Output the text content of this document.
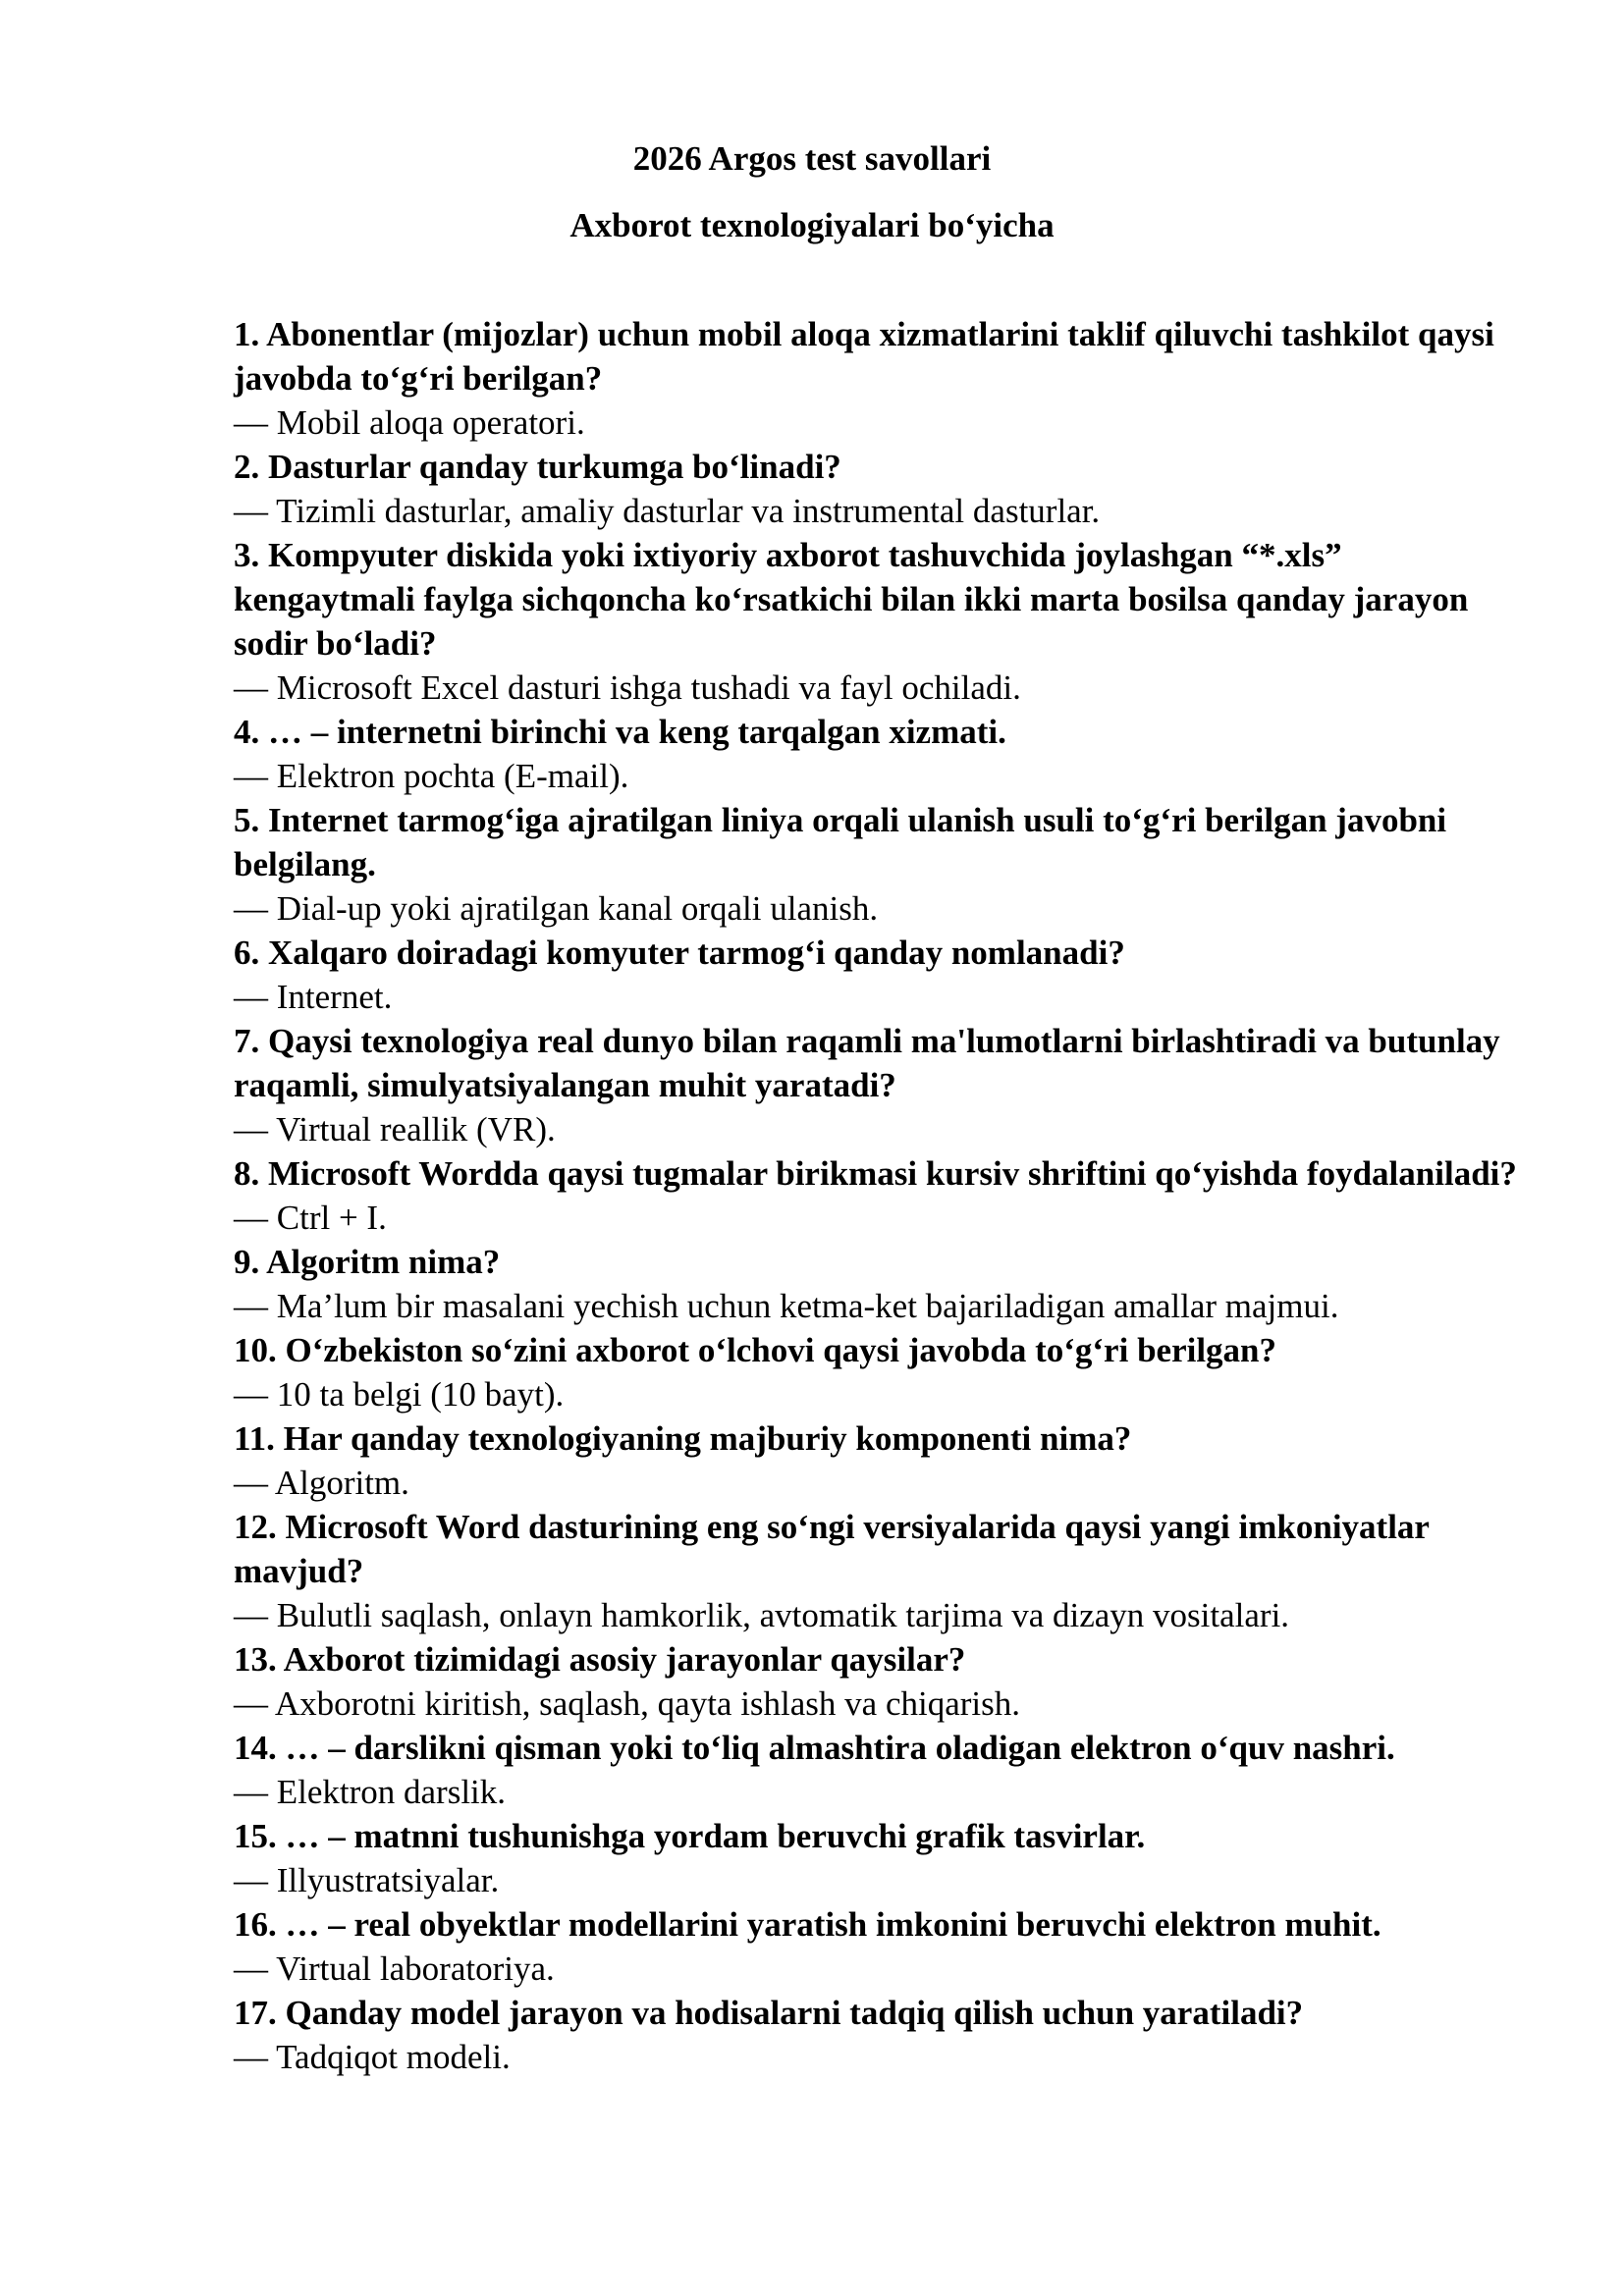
2026 Argos test savollari
Axborot texnologiyalari bo‘yicha

1. Abonentlar (mijozlar) uchun mobil aloqa xizmatlarini taklif qiluvchi tashkilot qaysi javobda to‘g‘ri berilgan?

— Mobil aloqa operatori.

2. Dasturlar qanday turkumga bo‘linadi?

— Tizimli dasturlar, amaliy dasturlar va instrumental dasturlar.

3. Kompyuter diskida yoki ixtiyoriy axborot tashuvchida joylashgan “*.xls” kengaytmali faylga sichqoncha ko‘rsatkichi bilan ikki marta bosilsa qanday jarayon sodir bo‘ladi?

— Microsoft Excel dasturi ishga tushadi va fayl ochiladi.

4. … – internetni birinchi va keng tarqalgan xizmati.

— Elektron pochta (E-mail).

5. Internet tarmog‘iga ajratilgan liniya orqali ulanish usuli to‘g‘ri berilgan javobni belgilang.

— Dial-up yoki ajratilgan kanal orqali ulanish.

6. Xalqaro doiradagi komyuter tarmog‘i qanday nomlanadi?

— Internet.

7. Qaysi texnologiya real dunyo bilan raqamli ma'lumotlarni birlashtiradi va butunlay raqamli, simulyatsiyalangan muhit yaratadi?

— Virtual reallik (VR).

8. Microsoft Wordda qaysi tugmalar birikmasi kursiv shriftini qo‘yishda foydalaniladi?

— Ctrl + I.

9. Algoritm nima?

— Ma’lum bir masalani yechish uchun ketma-ket bajariladigan amallar majmui.

10. O‘zbekiston so‘zini axborot o‘lchovi qaysi javobda to‘g‘ri berilgan?

— 10 ta belgi (10 bayt).

11. Har qanday texnologiyaning majburiy komponenti nima?

— Algoritm.

12. Microsoft Word dasturining eng so‘ngi versiyalarida qaysi yangi imkoniyatlar mavjud?

— Bulutli saqlash, onlayn hamkorlik, avtomatik tarjima va dizayn vositalari.

13. Axborot tizimidagi asosiy jarayonlar qaysilar?

— Axborotni kiritish, saqlash, qayta ishlash va chiqarish.

14. … – darslikni qisman yoki to‘liq almashtira oladigan elektron o‘quv nashri.

— Elektron darslik.

15. … – matnni tushunishga yordam beruvchi grafik tasvirlar.

— Illyustratsiyalar.

16. … – real obyektlar modellarini yaratish imkonini beruvchi elektron muhit.

— Virtual laboratoriya.

17. Qanday model jarayon va hodisalarni tadqiq qilish uchun yaratiladi?

— Tadqiqot modeli.
